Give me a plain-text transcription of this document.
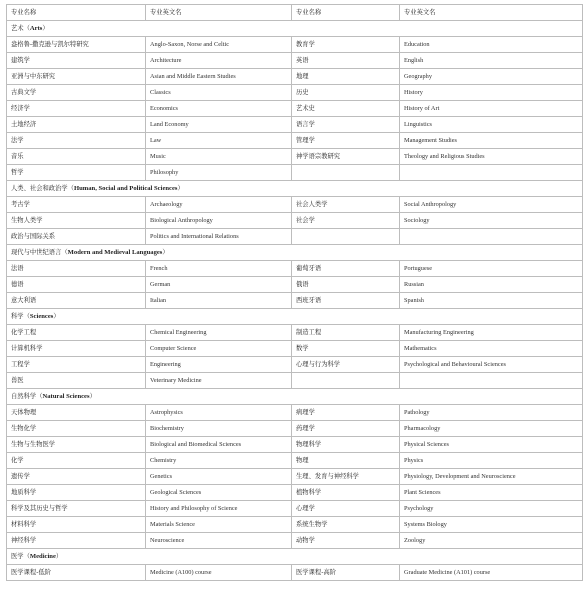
专业名称	专业英文名	专业名称	专业英文名
艺术（Arts）			
盎格鲁-撒克逊与凯尔特研究	Anglo-Saxon, Norse and Celtic	教育学	Education
建筑学	Architecture	英语	English
亚洲与中东研究	Asian and Middle Eastern Studies	地理	Geography
古典文学	Classics	历史	History
经济学	Economics	艺术史	History of Art
土地经济	Land Economy	语言学	Linguistics
法学	Law	管理学	Management Studies
音乐	Music	神学语宗教研究	Theology and Religious Studies
哲学	Philosophy		
人类、社会和政治学（Human, Social and Political Sciences）			
考古学	Archaeology	社会人类学	Social Anthropology
生物人类学	Biological Anthropology	社会学	Sociology
政治与国际关系	Politics and International Relations		
现代与中世纪语言（Modern and Medieval Languages）			
法语	French	葡萄牙语	Portuguese
德语	German	俄语	Russian
意大利语	Italian	西班牙语	Spanish
科学（Sciences）			
化学工程	Chemical Engineering	制造工程	Manufacturing Engineering
计算机科学	Computer Science	数学	Mathematics
工程学	Engineering	心理与行为科学	Psychological and Behavioural Sciences
兽医	Veterinary Medicine		
自然科学（Natural Sciences）			
天体物理	Astrophysics	病理学	Pathology
生物化学	Biochemistry	药理学	Pharmacology
生物与生物医学	Biological and Biomedical Sciences	物理科学	Physical Sciences
化学	Chemistry	物理	Physics
遗传学	Genetics	生理、发育与神经科学	Physiology, Development and Neuroscience
地质科学	Geological Sciences	植物科学	Plant Sciences
科学及其历史与哲学	History and Philosophy of Science	心理学	Psychology
材料科学	Materials Science	系统生物学	Systems Biology
神经科学	Neuroscience	动物学	Zoology
医学（Medicine）			
医学课程-低阶	Medicine (A100) course	医学课程-高阶	Graduate Medicine (A101) course
